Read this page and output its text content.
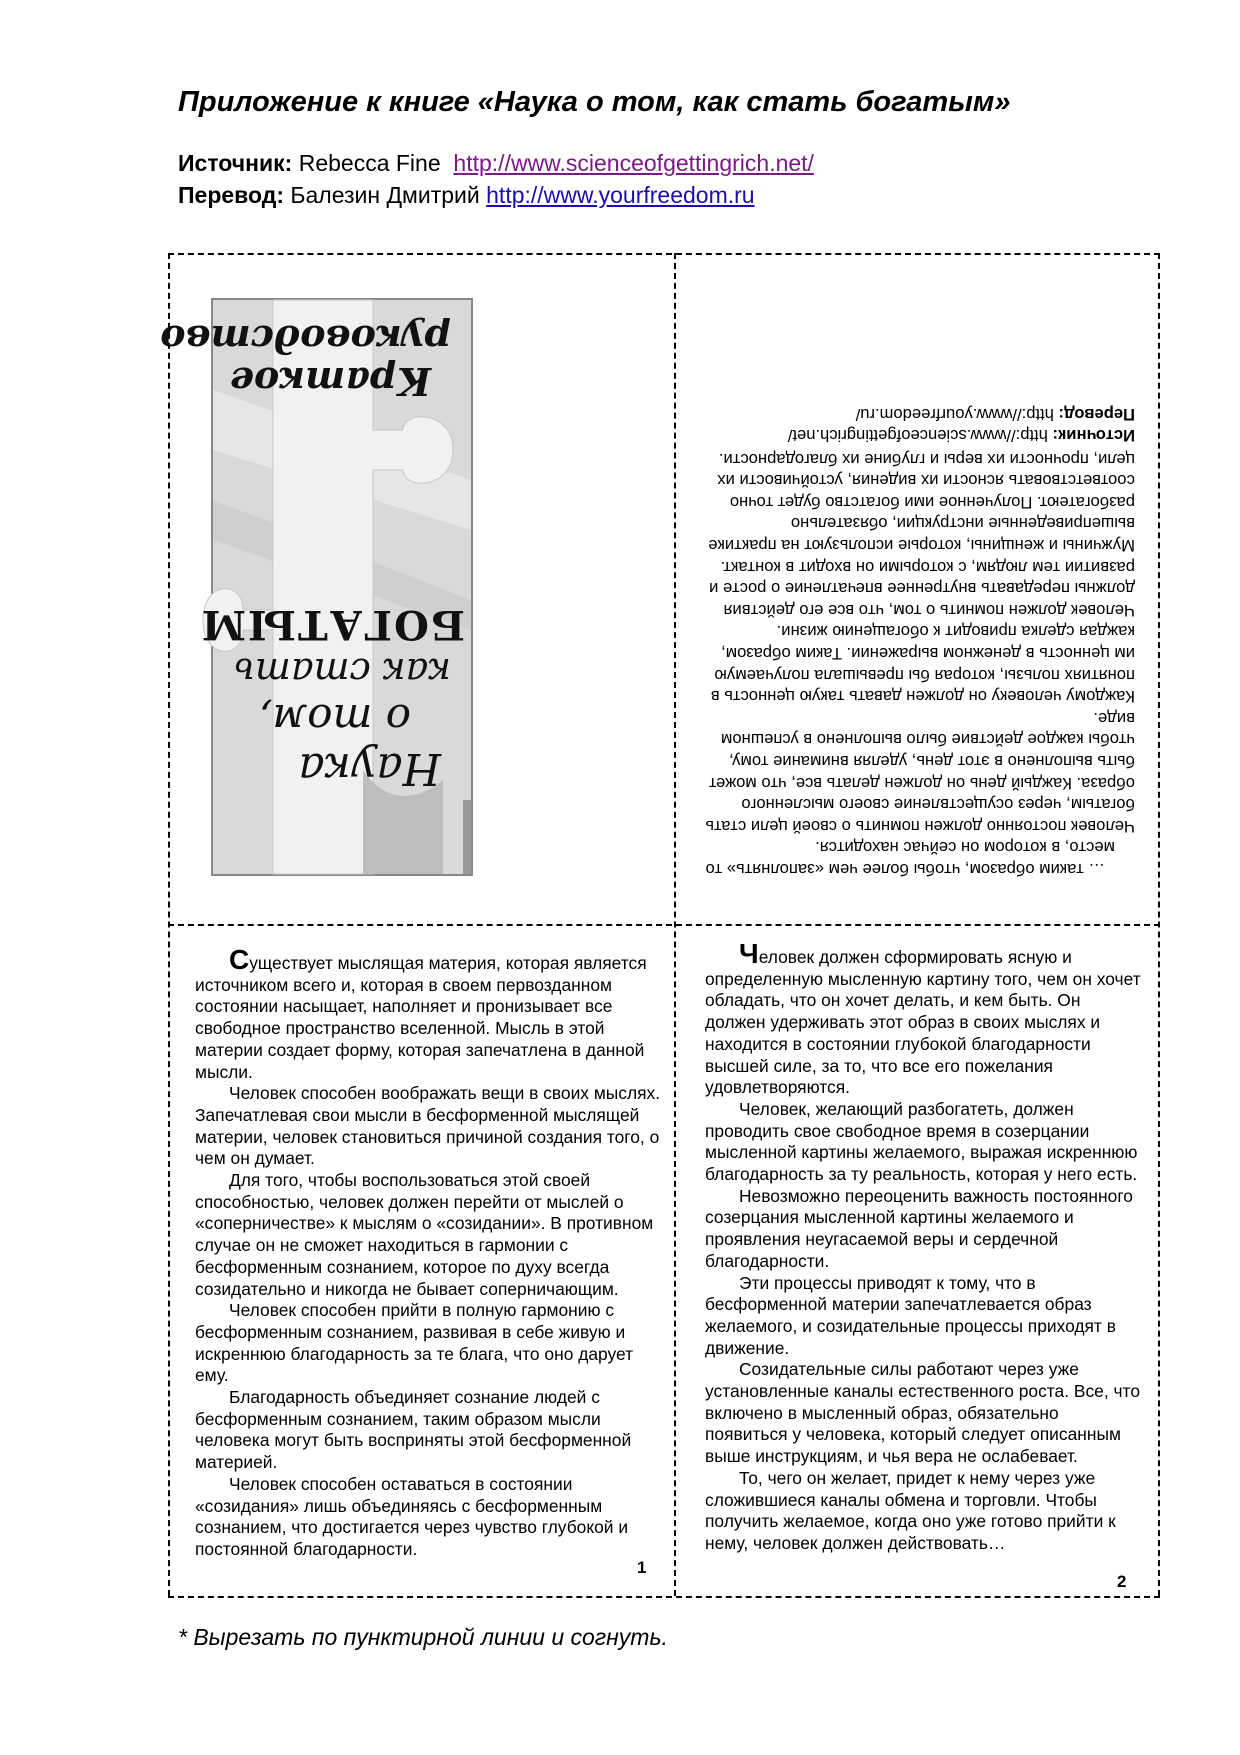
Приложение к книге «Наука о том, как стать богатым»
Источник: Rebecca Fine http://www.scienceofgettingrich.net/
Перевод: Балезин Дмитрий http://www.yourfreedom.ru
Наука
о том,
как стать
БОГАТЫМ
Краткое
руководство

… таким образом, чтобы более чем «заполнять» то место, в котором он сейчас находится.

Человек постоянно должен помнить о своей цели стать богатым, через осуществление своего мысленного образа. Каждый день он должен делать все, что может быть выполнено в этот день, уделяя внимание тому, чтобы каждое действие было выполнено в успешном виде.

Каждому человеку он должен давать такую ценность в понятиях пользы, которая бы превышала получаемую им ценность в денежном выражении. Таким образом, каждая сделка приводит к обогащению жизни.

Человек должен помнить о том, что все его действия должны передавать внутреннее впечатление о росте и развитии тем людям, с которыми он входит в контакт.

Мужчины и женщины, которые используют на практике вышеприведенные инструкции, обязательно разбогатеют. Полученное ими богатство будет точно соответствовать ясности их видения, устойчивости их цели, прочности их веры и глубине их благодарности.

Источник: http://www.scienceofgettingrich.net/

Перевод: http://www.yourfreedom.ru/

Существует мыслящая материя, которая является источником всего и, которая в своем первозданном состоянии насыщает, наполняет и пронизывает все свободное пространство вселенной. Мысль в этой материи создает форму, которая запечатлена в данной мысли.

Человек способен воображать вещи в своих мыслях. Запечатлевая свои мысли в бесформенной мыслящей материи, человек становиться причиной создания того, о чем он думает.

Для того, чтобы воспользоваться этой своей способностью, человек должен перейти от мыслей о «соперничестве» к мыслям о «созидании». В противном случае он не сможет находиться в гармонии с бесформенным сознанием, которое по духу всегда созидательно и никогда не бывает соперничающим.

Человек способен прийти в полную гармонию с бесформенным сознанием, развивая в себе живую и искреннюю благодарность за те блага, что оно дарует ему.

Благодарность объединяет сознание людей с бесформенным сознанием, таким образом мысли человека могут быть восприняты этой бесформенной материей.

Человек способен оставаться в состоянии «созидания» лишь объединяясь с бесформенным сознанием, что достигается через чувство глубокой и постоянной благодарности.

1

Человек должен сформировать ясную и определенную мысленную картину того, чем он хочет обладать, что он хочет делать, и кем быть. Он должен удерживать этот образ в своих мыслях и находится в состоянии глубокой благодарности высшей силе, за то, что все его пожелания удовлетворяются.

Человек, желающий разбогатеть, должен проводить свое свободное время в созерцании мысленной картины желаемого, выражая искреннюю благодарность за ту реальность, которая у него есть.

Невозможно переоценить важность постоянного созерцания мысленной картины желаемого и проявления неугасаемой веры и сердечной благодарности.

Эти процессы приводят к тому, что в бесформенной материи запечатлевается образ желаемого, и созидательные процессы приходят в движение.

Созидательные силы работают через уже установленные каналы естественного роста. Все, что включено в мысленный образ, обязательно появиться у человека, который следует описанным выше инструкциям, и чья вера не ослабевает.

То, чего он желает, придет к нему через уже сложившиеся каналы обмена и торговли. Чтобы получить желаемое, когда оно уже готово прийти к нему, человек должен действовать…

2
* Вырезать по пунктирной линии и согнуть.
